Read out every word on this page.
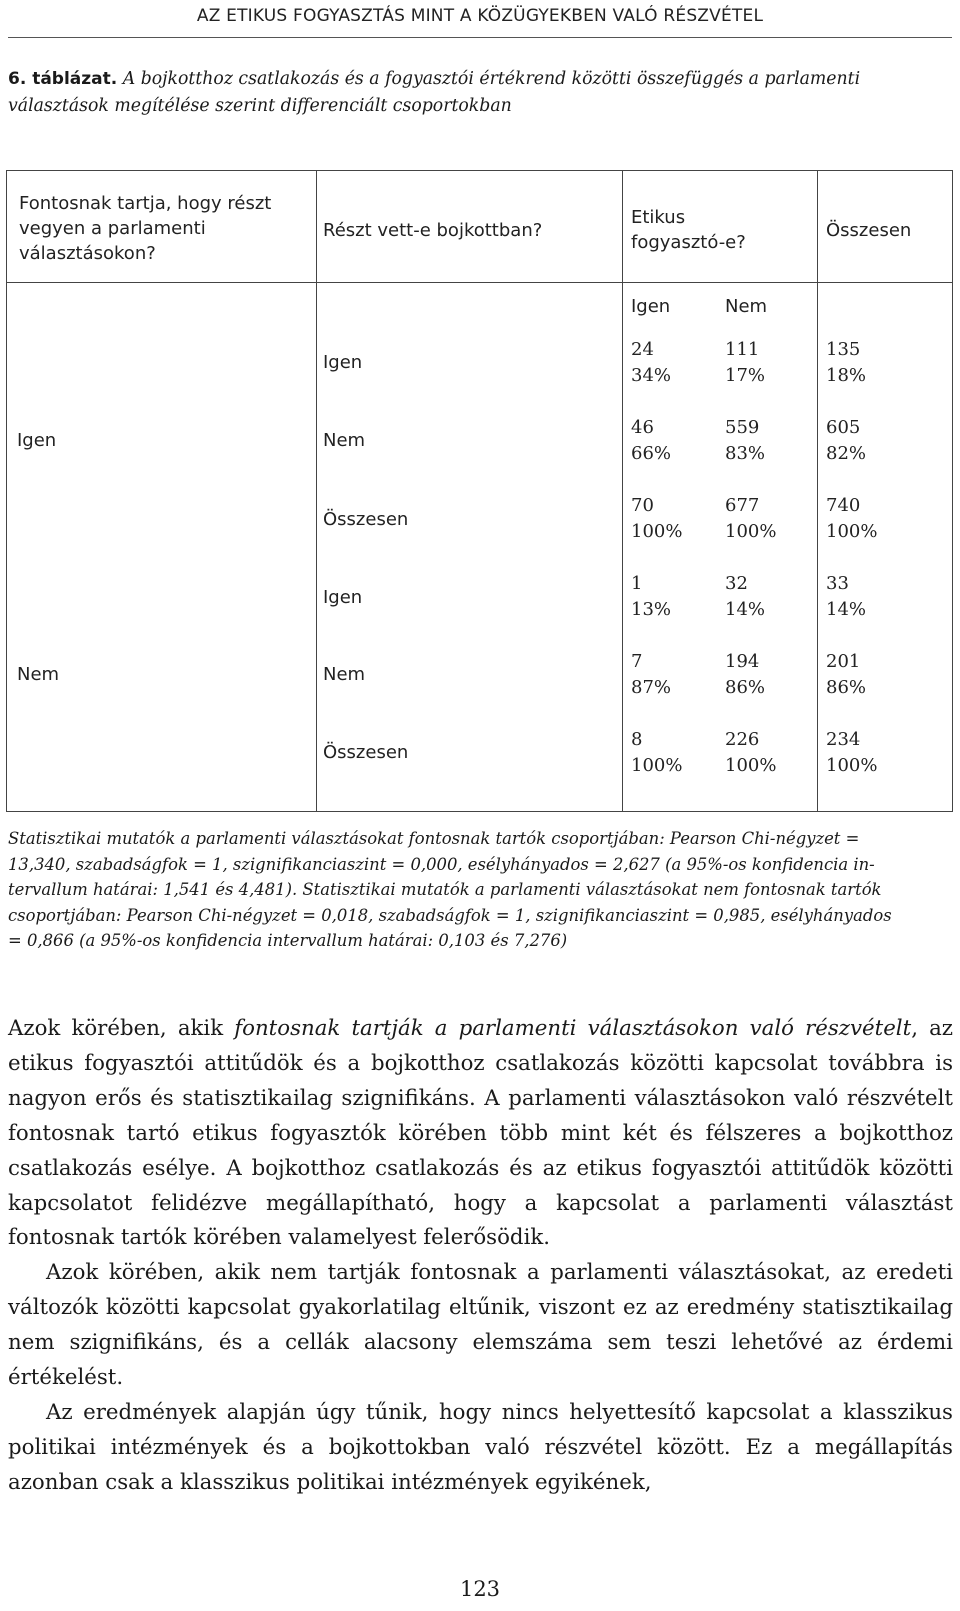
AZ ETIKUS FOGYASZTÁS MINT A KÖZÜGYEKBEN VALÓ RÉSZVÉTEL
6. táblázat. A bojkotthoz csatlakozás és a fogyasztói értékrend közötti összefüggés a parlamenti választások megítélése szerint differenciált csoportokban
Fontosnak tartja, hogy részt
vegyen a parlamenti
választásokon?
Részt vett-e bojkottban?
Etikus
fogyasztó-e?
Összesen
Igen	Nem
Igen
Igen
24
34%
111
17%
135
18%
Nem
46
66%
559
83%
605
82%
Összesen
70
100%
677
100%
740
100%
Nem
Igen
1
13%
32
14%
33
14%
Nem
7
87%
194
86%
201
86%
Összesen
8
100%
226
100%
234
100%
Statisztikai mutatók a parlamenti választásokat fontosnak tartók csoportjában: Pearson Chi-négyzet =
13,340, szabadságfok = 1, szignifikanciaszint = 0,000, esélyhányados = 2,627 (a 95%-os konfidencia in-
tervallum határai: 1,541 és 4,481). Statisztikai mutatók a parlamenti választásokat nem fontosnak tartók
csoportjában: Pearson Chi-négyzet = 0,018, szabadságfok = 1, szignifikanciaszint = 0,985, esélyhányados
= 0,866 (a 95%-os konfidencia intervallum határai: 0,103 és 7,276)

Azok körében, akik fontosnak tartják a parlamenti választásokon való részvételt, az etikus fogyasztói attitűdök és a bojkotthoz csatlakozás közötti kapcsolat továbbra is nagyon erős és statisztikailag szignifikáns. A parlamenti választásokon való részvételt fontosnak tartó etikus fogyasztók körében több mint két és félszeres a bojkotthoz csatlakozás esélye. A bojkotthoz csatlakozás és az etikus fogyasztói attitűdök közötti kapcsolatot felidézve megállapítható, hogy a kapcsolat a parlamenti választást fontosnak tartók körében valamelyest felerősödik.

Azok körében, akik nem tartják fontosnak a parlamenti választásokat, az eredeti változók közötti kapcsolat gyakorlatilag eltűnik, viszont ez az eredmény statisztikailag nem szignifikáns, és a cellák alacsony elemszáma sem teszi lehetővé az érdemi értékelést.

Az eredmények alapján úgy tűnik, hogy nincs helyettesítő kapcsolat a klasszikus politikai intézmények és a bojkottokban való részvétel között. Ez a megállapítás azonban csak a klasszikus politikai intézmények egyikének,

123
